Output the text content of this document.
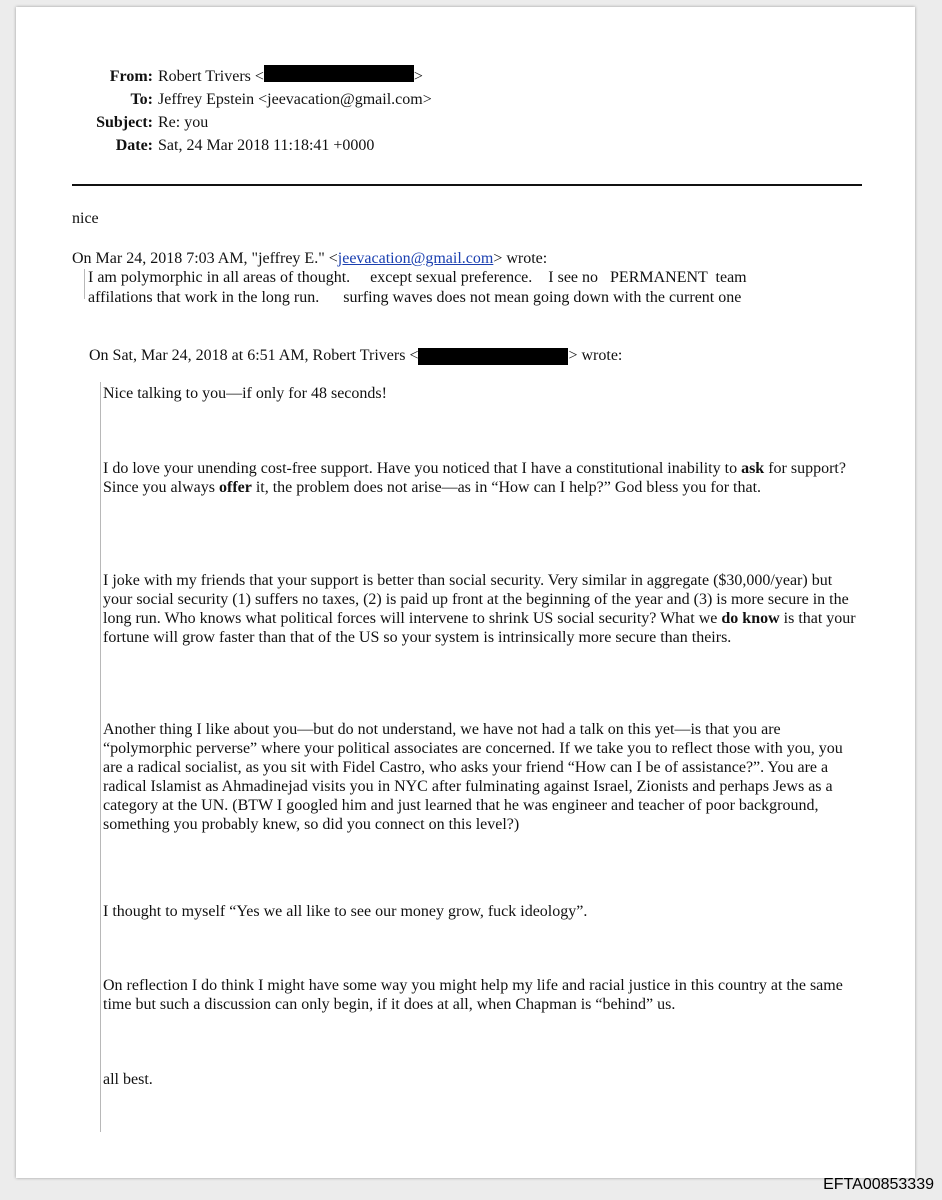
From: Robert Trivers <	>
To: Jeffrey Epstein <jeevacation@gmail.com>
Subject: Re: you
Date: Sat, 24 Mar 2018 11:18:41 +0000
nice
On Mar 24, 2018 7:03 AM, "jeffrey E." <jeevacation@gmail.com> wrote:
I am polymorphic in all areas of thought.     except sexual preference.    I see no   PERMANENT  team
affilations that work in the long run.      surfing waves does not mean going down with the current one
On Sat, Mar 24, 2018 at 6:51 AM, Robert Trivers <	> wrote:

Nice talking to you—if only for 48 seconds!

I do love your unending cost-free support. Have you noticed that I have a constitutional inability to ask for support? Since you always offer it, the problem does not arise—as in “How can I help?” God bless you for that.

I joke with my friends that your support is better than social security. Very similar in aggregate ($30,000/year) but your social security (1) suffers no taxes, (2) is paid up front at the beginning of the year and (3) is more secure in the long run. Who knows what political forces will intervene to shrink US social security? What we do know is that your fortune will grow faster than that of the US so your system is intrinsically more secure than theirs.

Another thing I like about you—but do not understand, we have not had a talk on this yet—is that you are “polymorphic perverse” where your political associates are concerned. If we take you to reflect those with you, you are a radical socialist, as you sit with Fidel Castro, who asks your friend “How can I be of assistance?”. You are a radical Islamist as Ahmadinejad visits you in NYC after fulminating against Israel, Zionists and perhaps Jews as a category at the UN. (BTW I googled him and just learned that he was engineer and teacher of poor background, something you probably knew, so did you connect on this level?)

I thought to myself “Yes we all like to see our money grow, fuck ideology”.

On reflection I do think I might have some way you might help my life and racial justice in this country at the same time but such a discussion can only begin, if it does at all, when Chapman is “behind” us.

all best.

EFTA00853339
